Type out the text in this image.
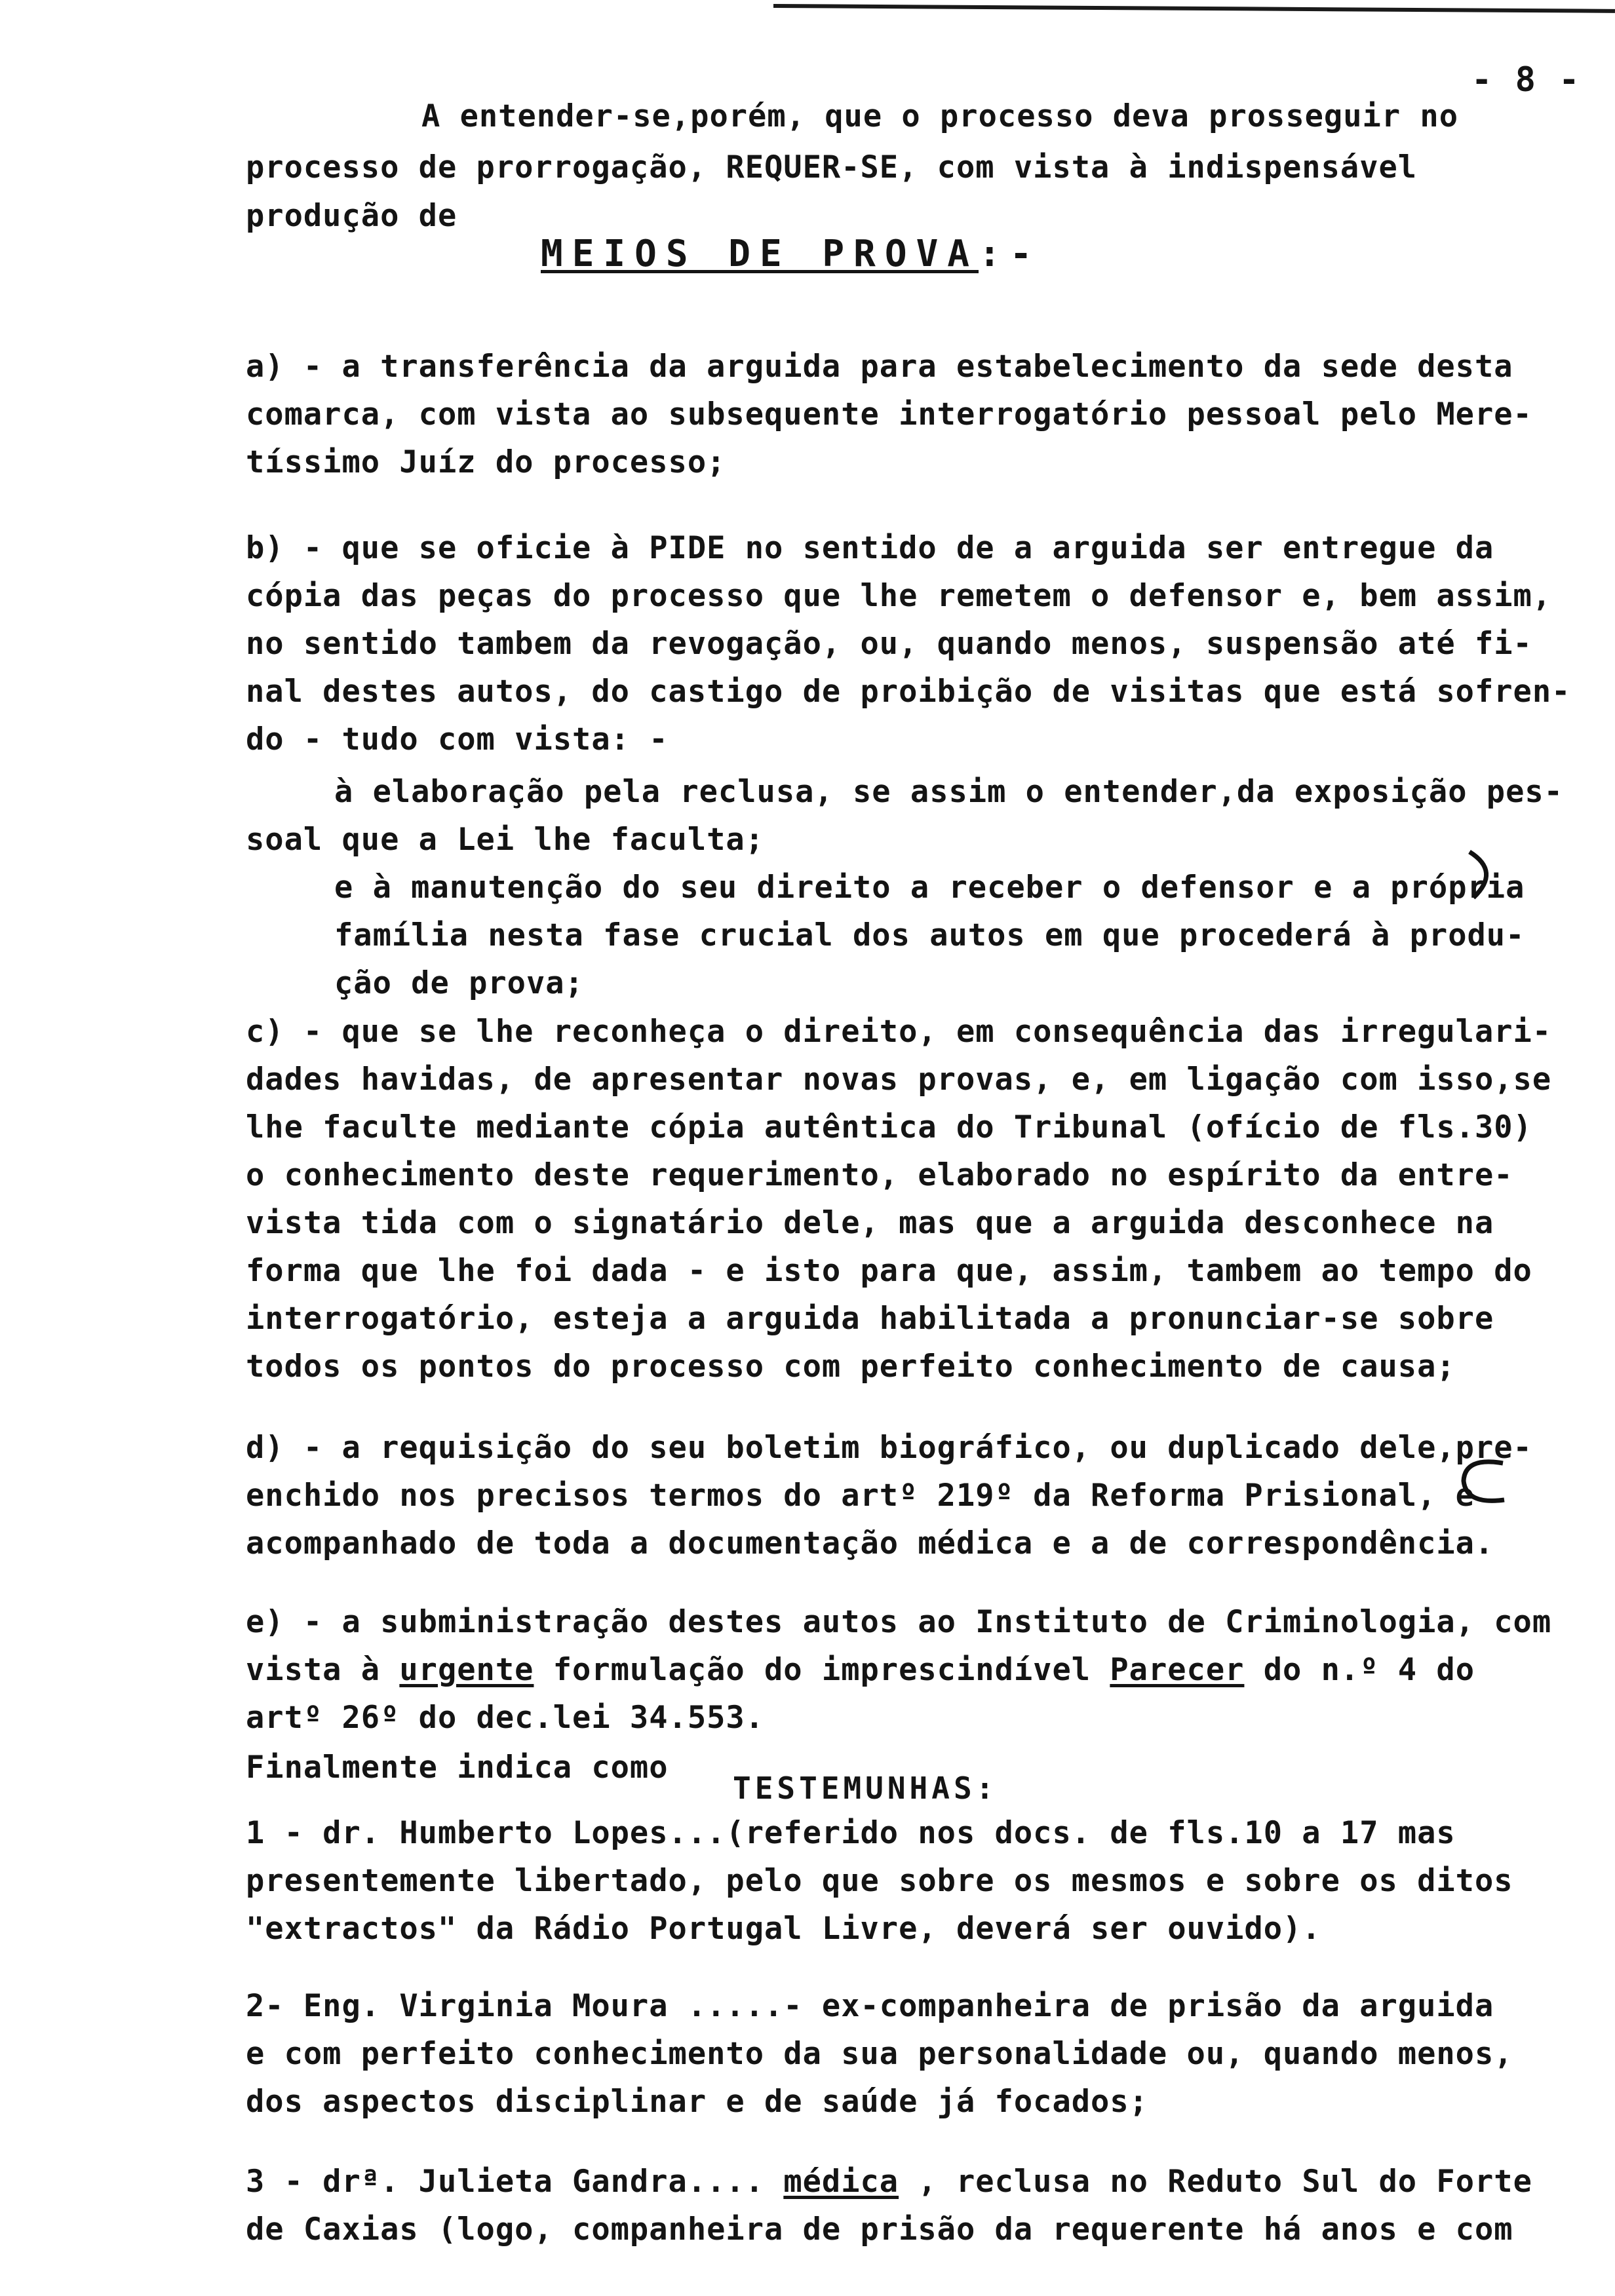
- 8 -
A entender-se,porém, que o processo deva prosseguir no
processo de prorrogação, REQUER-SE, com vista à indispensável
produção de
MEIOS DE PROVA:-
a) - a transferência da arguida para estabelecimento da sede desta
comarca, com vista ao subsequente interrogatório pessoal pelo Mere-
tíssimo Juíz do processo;
b) - que se oficie à PIDE no sentido de a arguida ser entregue da
cópia das peças do processo que lhe remetem o defensor e, bem assim,
no sentido tambem da revogação, ou, quando menos, suspensão até fi-
nal destes autos, do castigo de proibição de visitas que está sofren-
do - tudo com vista: -
à elaboração pela reclusa, se assim o entender,da exposição pes-
soal que a Lei lhe faculta;
e à manutenção do seu direito a receber o defensor e a própria
família nesta fase crucial dos autos em que procederá à produ-
ção de prova;
c) - que se lhe reconheça o direito, em consequência das irregulari-
dades havidas, de apresentar novas provas, e, em ligação com isso,se
lhe faculte mediante cópia autêntica do Tribunal (ofício de fls.30)
o conhecimento deste requerimento, elaborado no espírito da entre-
vista tida com o signatário dele, mas que a arguida desconhece na
forma que lhe foi dada - e isto para que, assim, tambem ao tempo do
interrogatório, esteja a arguida habilitada a pronunciar-se sobre
todos os pontos do processo com perfeito conhecimento de causa;
d) - a requisição do seu boletim biográfico, ou duplicado dele,pre-
enchido nos precisos termos do artº 219º da Reforma Prisional, e
acompanhado de toda a documentação médica e a de correspondência.
e) - a subministração destes autos ao Instituto de Criminologia, com
vista à urgente formulação do imprescindível Parecer do n.º 4 do
artº 26º do dec.lei 34.553.
Finalmente indica como
TESTEMUNHAS:
1 - dr. Humberto Lopes...(referido nos docs. de fls.10 a 17 mas
presentemente libertado, pelo que sobre os mesmos e sobre os ditos
"extractos" da Rádio Portugal Livre, deverá ser ouvido).
2- Eng. Virginia Moura .....- ex-companheira de prisão da arguida
e com perfeito conhecimento da sua personalidade ou, quando menos,
dos aspectos disciplinar e de saúde já focados;
3 - drª. Julieta Gandra.... médica , reclusa no Reduto Sul do Forte
de Caxias (logo, companheira de prisão da requerente há anos e com
